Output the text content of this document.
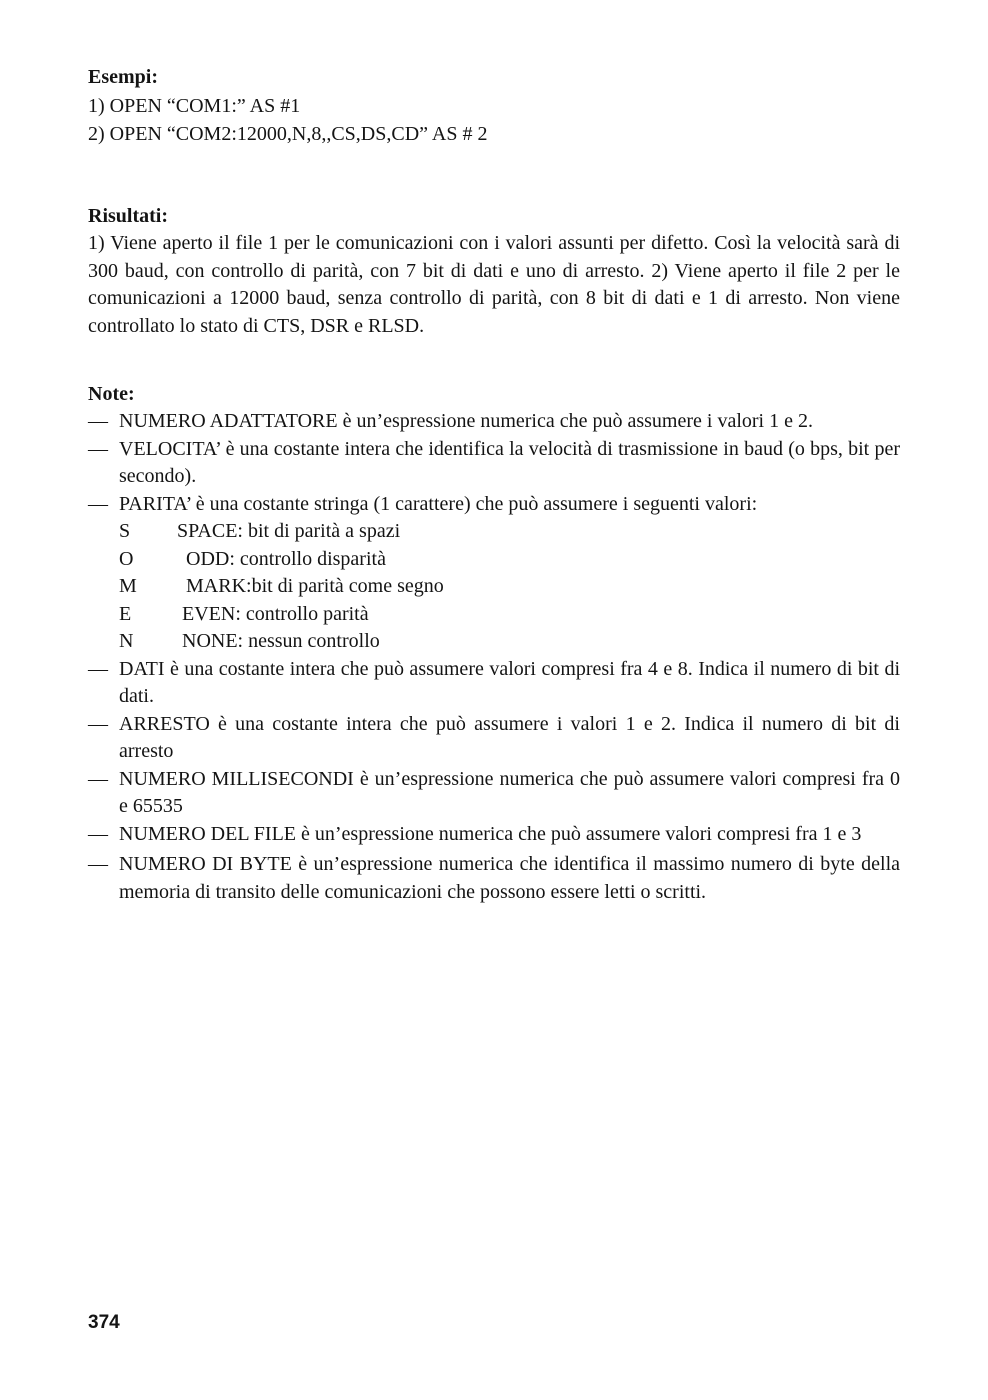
Esempi:

1) OPEN “COM1:” AS #1

2) OPEN “COM2:12000,N,8,,CS,DS,CD” AS # 2

Risultati:

1) Viene aperto il file 1 per le comunicazioni con i valori assunti per difetto. Così la velocità sarà di 300 baud, con controllo di parità, con 7 bit di dati e uno di arresto. 2) Viene aperto il file 2 per le comunicazioni a 12000 baud, senza controllo di parità, con 8 bit di dati e 1 di arresto. Non viene controllato lo stato di CTS, DSR e RLSD.

Note:

— NUMERO ADATTATORE è un’espressione numerica che può assumere i valori 1 e 2.
— VELOCITA’ è una costante intera che identifica la velocità di trasmissione in baud (o bps, bit per secondo).
— PARITA’ è una costante stringa (1 carattere) che può assumere i seguenti valori:
S SPACE: bit di parità a spazi
O	ODD: controllo disparità
M MARK:bit di parità come segno
E	EVEN: controllo parità
N NONE: nessun controllo
— DATI è una costante intera che può assumere valori compresi fra 4 e 8. Indica il numero di bit di dati.
— ARRESTO è una costante intera che può assumere i valori 1 e 2. Indica il numero di bit di arresto
— NUMERO MILLISECONDI è un’espressione numerica che può assumere valori compresi fra 0 e 65535
— NUMERO DEL FILE è un’espressione numerica che può assumere valori compresi fra 1 e 3
— NUMERO DI BYTE è un’espressione numerica che identifica il massimo numero di byte della memoria di transito delle comunicazioni che possono essere letti o scritti.
374
